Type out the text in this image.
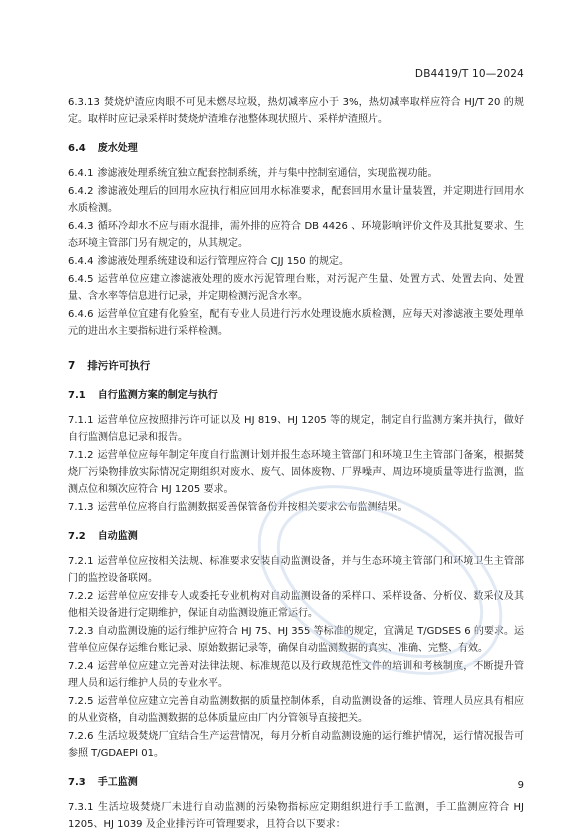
DB4419/T 10—2024

6.3.13 焚烧炉渣应肉眼不可见未燃尽垃圾，热灱减率应小于 3%，热灱减率取样应符合 HJ/T 20 的规定。取样时应记录采样时焚烧炉渣堆存池整体现状照片、采样炉渣照片。

6.4 废水处理

6.4.1 渗滤液处理系统宜独立配套控制系统，并与集中控制室通信，实现监视功能。

6.4.2 渗滤液处理后的回用水应执行相应回用水标准要求，配套回用水量计量装置，并定期进行回用水水质检测。

6.4.3 循环冷却水不应与雨水混排，需外排的应符合 DB 4426 、环境影响评价文件及其批复要求、生态环境主管部门另有规定的，从其规定。

6.4.4 渗滤液处理系统建设和运行管理应符合 CJJ 150 的规定。

6.4.5 运营单位应建立渗滤液处理的废水污泥管理台账，对污泥产生量、处置方式、处置去向、处置量、含水率等信息进行记录，并定期检测污泥含水率。

6.4.6 运营单位宜建有化验室，配有专业人员进行污水处理设施水质检测，应每天对渗滤液主要处理单元的进出水主要指标进行采样检测。

7 排污许可执行

7.1 自行监测方案的制定与执行

7.1.1 运营单位应按照排污许可证以及 HJ 819、HJ 1205 等的规定，制定自行监测方案并执行，做好自行监测信息记录和报告。

7.1.2 运营单位应每年制定年度自行监测计划并报生态环境主管部门和环境卫生主管部门备案，根据焚烧厂污染物排放实际情况定期组织对废水、废气、固体废物、厂界噪声、周边环境质量等进行监测，监测点位和频次应符合 HJ 1205 要求。

7.1.3 运营单位应将自行监测数据妥善保管备份并按相关要求公布监测结果。

7.2 自动监测

7.2.1 运营单位应按相关法规、标准要求安装自动监测设备，并与生态环境主管部门和环境卫生主管部门的监控设备联网。

7.2.2 运营单位应安排专人或委托专业机构对自动监测设备的采样口、采样设备、分析仪、数采仪及其他相关设备进行定期维护，保证自动监测设施正常运行。

7.2.3 自动监测设施的运行维护应符合 HJ 75、HJ 355 等标准的规定，宜满足 T/GDSES 6 的要求。运营单位应保存运维台账记录、原始数据记录等，确保自动监测数据的真实、准确、完整、有效。

7.2.4 运营单位应建立完善对法律法规、标准规范以及行政规范性文件的培训和考核制度，不断提升管理人员和运行维护人员的专业水平。

7.2.5 运营单位应建立完善自动监测数据的质量控制体系，自动监测设备的运维、管理人员应具有相应的从业资格，自动监测数据的总体质量应由厂内分管领导直接把关。

7.2.6 生活垃圾焚烧厂宜结合生产运营情况，每月分析自动监测设施的运行维护情况，运行情况报告可参照 T/GDAEPI 01。

7.3 手工监测

7.3.1 生活垃圾焚烧厂未进行自动监测的污染物指标应定期组织进行手工监测，手工监测应符合 HJ 1205、HJ 1039 及企业排污许可管理要求，且符合以下要求：

9
